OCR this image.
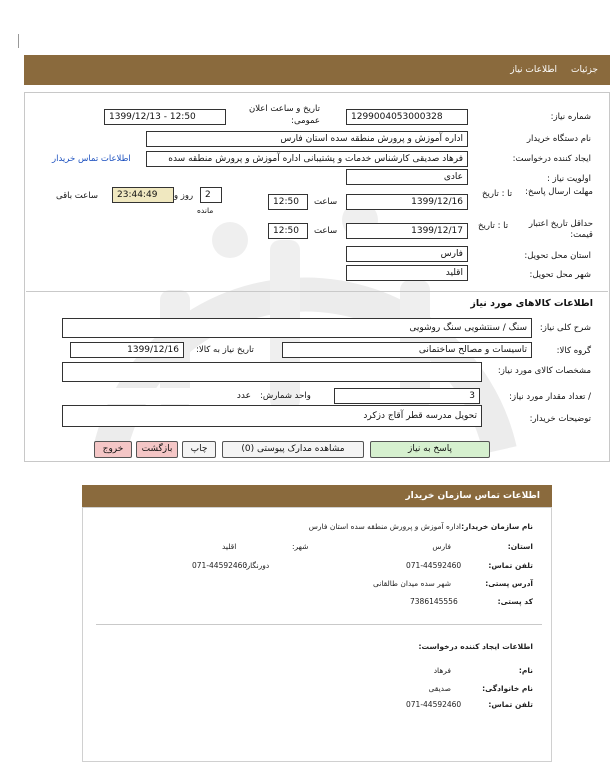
اطلاعات نیاز جزئیات
شماره نیاز:
1299004053000328
تاریخ و ساعت اعلان عمومی:
1399/12/13 - 12:50
نام دستگاه خریدار
اداره آموزش و پرورش منطقه سده استان فارس
ایجاد کننده درخواست:
فرهاد صدیقی کارشناس خدمات و پشتیبانی اداره آموزش و پرورش منطقه سده
اطلاعات تماس خریدار
اولویت نیاز :
عادی
مهلت ارسال پاسخ:
تا : تاریخ
1399/12/16
ساعت
12:50
2
روز و
مانده
23:44:49
ساعت باقی
حداقل تاریخ اعتبار قیمت:
تا : تاریخ
1399/12/17
ساعت
12:50
استان محل تحویل:
فارس
شهر محل تحویل:
اقلید
اطلاعات کالاهای مورد نیاز
شرح کلی نیاز:
سنگ / سنتشویی سنگ روشویی
گروه کالا:
تاسیسات و مصالح ساختمانی
تاریخ نیاز به کالا:
1399/12/16
مشخصات کالای مورد نیاز:
/ تعداد مقدار مورد نیاز:
3
واحد شمارش:
عدد
توضیحات خریدار:
تحویل مدرسه قطر آقاج دزکرد
پاسخ به نیاز
مشاهده مدارک پیوستی (0)
چاپ
بازگشت
خروج
اطلاعات تماس سازمان خریدار
نام سازمان خریدار:
اداره آموزش و پرورش منطقه سده استان فارس
استان:
فارس
شهر:
اقلید
تلفن تماس:
071-44592460
دورنگار:
071-44592460
آدرس پستی:
شهر سده میدان طالقانی
کد پستی:
7386145556
اطلاعات ایجاد کننده درخواست:
نام:
فرهاد
نام خانوادگی:
صدیقی
تلفن تماس:
071-44592460
